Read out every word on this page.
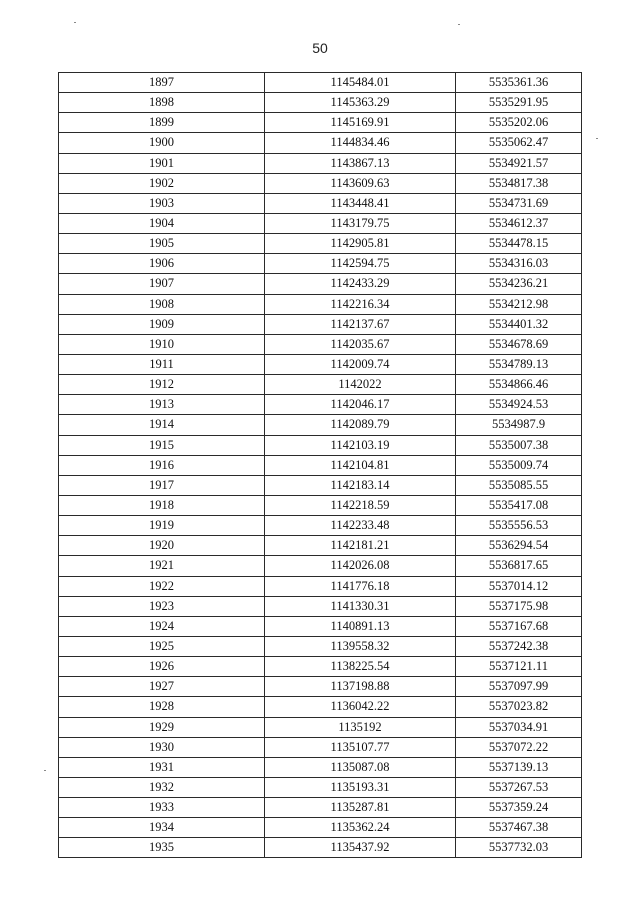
50
1897	1145484.01	5535361.36
1898	1145363.29	5535291.95
1899	1145169.91	5535202.06
1900	1144834.46	5535062.47
1901	1143867.13	5534921.57
1902	1143609.63	5534817.38
1903	1143448.41	5534731.69
1904	1143179.75	5534612.37
1905	1142905.81	5534478.15
1906	1142594.75	5534316.03
1907	1142433.29	5534236.21
1908	1142216.34	5534212.98
1909	1142137.67	5534401.32
1910	1142035.67	5534678.69
1911	1142009.74	5534789.13
1912	1142022	5534866.46
1913	1142046.17	5534924.53
1914	1142089.79	5534987.9
1915	1142103.19	5535007.38
1916	1142104.81	5535009.74
1917	1142183.14	5535085.55
1918	1142218.59	5535417.08
1919	1142233.48	5535556.53
1920	1142181.21	5536294.54
1921	1142026.08	5536817.65
1922	1141776.18	5537014.12
1923	1141330.31	5537175.98
1924	1140891.13	5537167.68
1925	1139558.32	5537242.38
1926	1138225.54	5537121.11
1927	1137198.88	5537097.99
1928	1136042.22	5537023.82
1929	1135192	5537034.91
1930	1135107.77	5537072.22
1931	1135087.08	5537139.13
1932	1135193.31	5537267.53
1933	1135287.81	5537359.24
1934	1135362.24	5537467.38
1935	1135437.92	5537732.03
